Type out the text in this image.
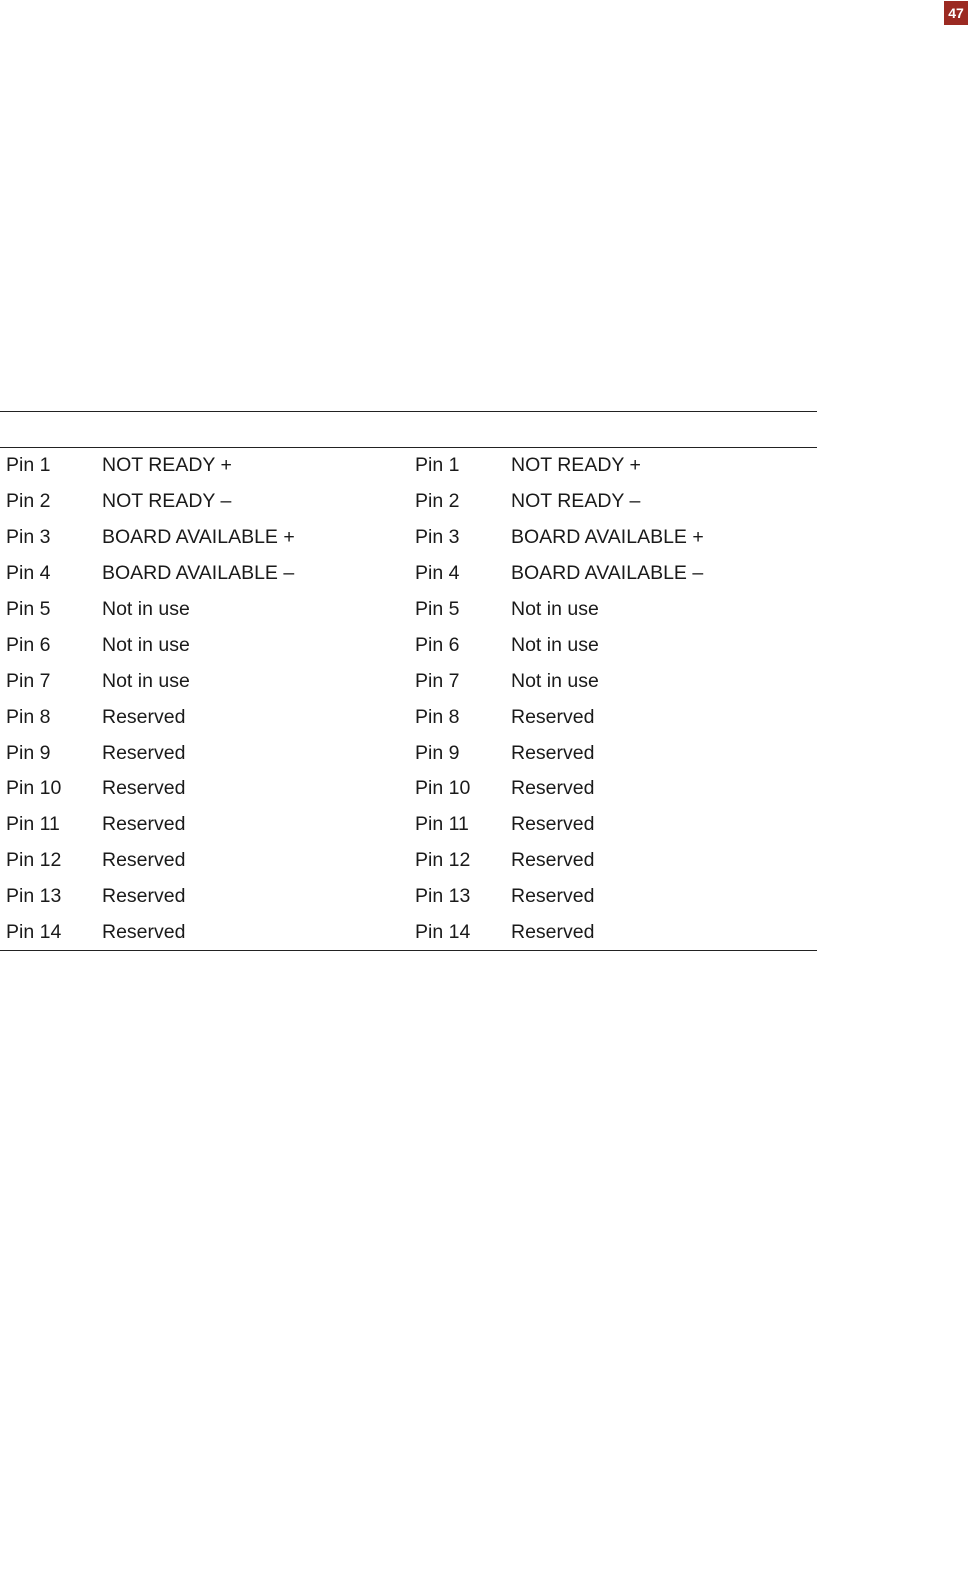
47
Pin 1	NOT READY +	Pin 1	NOT READY +
Pin 2	NOT READY –	Pin 2	NOT READY –
Pin 3	BOARD AVAILABLE +	Pin 3	BOARD AVAILABLE +
Pin 4	BOARD AVAILABLE –	Pin 4	BOARD AVAILABLE –
Pin 5	Not in use	Pin 5	Not in use
Pin 6	Not in use	Pin 6	Not in use
Pin 7	Not in use	Pin 7	Not in use
Pin 8	Reserved	Pin 8	Reserved
Pin 9	Reserved	Pin 9	Reserved
Pin 10	Reserved	Pin 10	Reserved
Pin 11	Reserved	Pin 11	Reserved
Pin 12	Reserved	Pin 12	Reserved
Pin 13	Reserved	Pin 13	Reserved
Pin 14	Reserved	Pin 14	Reserved
